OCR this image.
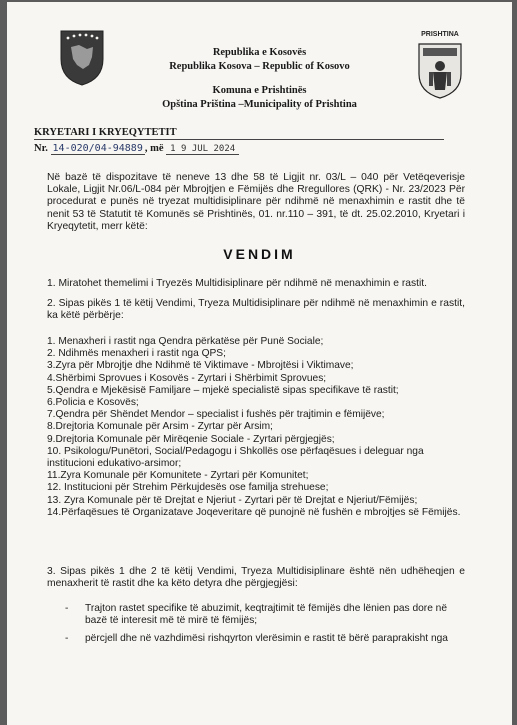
PRISHTINA
Republika e Kosovës
Republika Kosova – Republic of Kosovo
Komuna e Prishtinës
Opština Priština –Municipality of Prishtina
KRYETARI I KRYEQYTETIT
Nr. 14-020/04-94889 , më 1 9 JUL 2024
Në bazë të dispozitave të neneve 13 dhe 58 të Ligjit nr. 03/L – 040 për Vetëqeverisje Lokale, Ligjit Nr.06/L-084 për Mbrojtjen e Fëmijës dhe Rregullores (QRK) - Nr. 23/2023 Për procedurat e punës në tryezat multidisiplinare për ndihmë në menaxhimin e rastit dhe të nenit 53 të Statutit të Komunës së Prishtinës, 01. nr.110 – 391, të dt. 25.02.2010, Kryetari i Kryeqytetit, merr këtë:
VENDIM
1. Miratohet themelimi i Tryezës Multidisiplinare për ndihmë në menaxhimin e rastit.
2. Sipas pikës 1 të këtij Vendimi, Tryeza Multidisiplinare për ndihmë në menaxhimin e rastit, ka këtë përbërje:
1. Menaxheri i rastit nga Qendra përkatëse për Punë Sociale;
2. Ndihmës menaxheri i rastit nga QPS;
3.Zyra për Mbrojtje dhe Ndihmë të Viktimave - Mbrojtësi i Viktimave;
4.Shërbimi Sprovues i Kosovës - Zyrtari i Shërbimit Sprovues;
5.Qendra e Mjekësisë Familjare – mjekë specialistë sipas specifikave të rastit;
6.Policia e Kosovës;
7.Qendra për Shëndet Mendor – specialist i fushës për trajtimin e fëmijëve;
8.Drejtoria Komunale për Arsim - Zyrtar për Arsim;
9.Drejtoria Komunale për Mirëqenie Sociale - Zyrtari përgjegjës;
10. Psikologu/Punëtori, Social/Pedagogu i Shkollës ose përfaqësues i deleguar nga institucioni edukativo-arsimor;
11.Zyra Komunale për Komunitete - Zyrtari për Komunitet;
12. Institucioni për Strehim Përkujdesës ose familja strehuese;
13. Zyra Komunale për të Drejtat e Njeriut - Zyrtari për të Drejtat e Njeriut/Fëmijës;
14.Përfaqësues të Organizatave Joqeveritare që punojnë në fushën e mbrojtjes së Fëmijës.
3. Sipas pikës 1 dhe 2 të këtij Vendimi, Tryeza Multidisiplinare është nën udhëheqjen e menaxherit të rastit dhe ka këto detyra dhe përgjegjësi:
- Trajton rastet specifike të abuzimit, keqtrajtimit të fëmijës dhe lënien pas dore në bazë të interesit më të mirë të fëmijës;
- përcjell dhe në vazhdimësi rishqyrton vlerësimin e rastit të bërë paraprakisht nga
